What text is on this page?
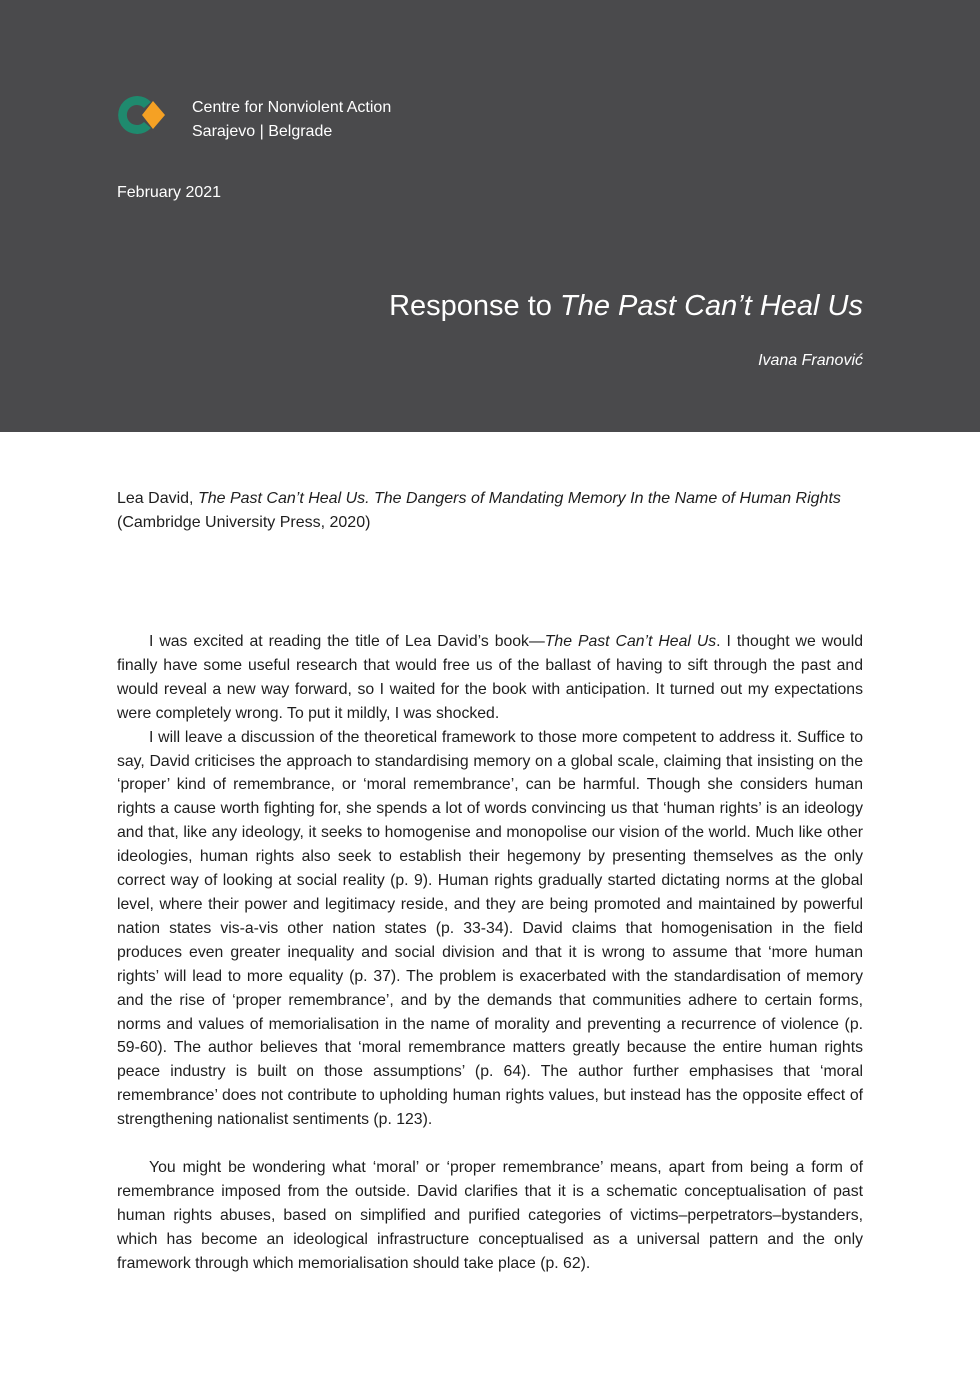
Centre for Nonviolent Action
Sarajevo | Belgrade
February 2021
Response to The Past Can’t Heal Us
Ivana Franović
Lea David, The Past Can’t Heal Us. The Dangers of Mandating Memory In the Name of Human Rights
(Cambridge University Press, 2020)

I was excited at reading the title of Lea David’s book—The Past Can’t Heal Us. I thought we would finally have some useful research that would free us of the ballast of having to sift through the past and would reveal a new way forward, so I waited for the book with anticipation. It turned out my expectations were completely wrong. To put it mildly, I was shocked.

I will leave a discussion of the theoretical framework to those more competent to address it. Suffice to say, David criticises the approach to standardising memory on a global scale, claiming that insisting on the ‘proper’ kind of remembrance, or ‘moral remembrance’, can be harmful. Though she considers human rights a cause worth fighting for, she spends a lot of words convincing us that ‘human rights’ is an ideology and that, like any ideology, it seeks to homogenise and monopolise our vision of the world. Much like other ideologies, human rights also seek to establish their hegemony by presenting themselves as the only correct way of looking at social reality (p. 9). Human rights gradually started dictating norms at the global level, where their power and legitimacy reside, and they are being promoted and maintained by powerful nation states vis-a-vis other nation states (p. 33-34). David claims that homogenisation in the field produces even greater inequality and social division and that it is wrong to assume that ‘more human rights’ will lead to more equality (p. 37). The problem is exacerbated with the standardisation of memory and the rise of ‘proper remembrance’, and by the demands that communities adhere to certain forms, norms and values of memorialisation in the name of morality and preventing a recurrence of violence (p. 59-60). The author believes that ‘moral remembrance matters greatly because the entire human rights peace industry is built on those assumptions’ (p. 64). The author further emphasises that ‘moral remembrance’ does not contribute to upholding human rights values, but instead has the opposite effect of strengthening nationalist sentiments (p. 123).

You might be wondering what ‘moral’ or ‘proper remembrance’ means, apart from being a form of remembrance imposed from the outside. David clarifies that it is a schematic conceptualisation of past human rights abuses, based on simplified and purified categories of victims–perpetrators–bystanders, which has become an ideological infrastructure conceptualised as a universal pattern and the only framework through which memorialisation should take place (p. 62).
